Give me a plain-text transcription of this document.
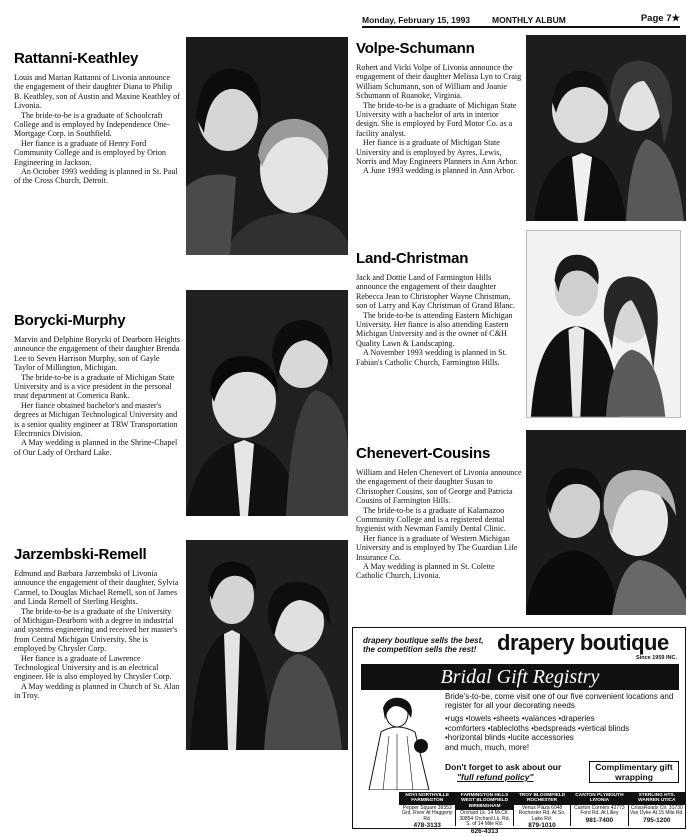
Monday, February 15, 1993	MONTHLY ALBUM	Page 7★
Rattanni-Keathley

Louis and Marian Rattanni of Livonia announce the engagement of their daughter Diana to Philip B. Keathley, son of Austin and Maxine Keathley of Livonia.

The bride-to-be is a graduate of Schoolcraft College and is employed by Independence One-Mortgage Corp. in Southfield.

Her fiance is a graduate of Henry Ford Community College and is employed by Orion Engineering in Jackson.

An October 1993 wedding is planned in St. Paul of the Cross Church, Detroit.

Volpe-Schumann

Robert and Vicki Volpe of Livonia announce the engagement of their daughter Melissa Lyn to Craig William Schumann, son of William and Joanie Schumann of Roanoke, Virginia.

The bride-to-be is a graduate of Michigan State University with a bachelor of arts in interior design. She is employed by Ford Motor Co. as a facility analyst.

Her fiance is a graduate of Michigan State University and is employed by Ayres, Lewis, Norris and May Engineers Planners in Ann Arbor.

A June 1993 wedding is planned in Ann Arbor.

Land-Christman

Jack and Dottie Land of Farmington Hills announce the engagement of their daughter Rebecca Jean to Christopher Wayne Christman, son of Larry and Kay Christman of Grand Blanc.

The bride-to-be is attending Eastern Michigan University. Her fiance is also attending Eastern Michigan University and is the owner of C&H Quality Lawn & Landscaping.

A November 1993 wedding is planned in St. Fabian's Catholic Church, Farmington Hills.

Borycki-Murphy

Marvin and Delphine Borycki of Dearborn Heights announce the engagement of their daughter Brenda Lee to Seven Harrison Murphy, son of Gayle Taylor of Millington, Michigan.

The bride-to-be is a graduate of Michigan State University and is a vice president in the personal trust department at Comerica Bank.

Her fiance obtained bachelor's and master's degrees at Michigan Technological University and is a senior quality engineer at TRW Transportation Electronics Division.

A May wedding is planned in the Shrine-Chapel of Our Lady of Orchard Lake.	Chenevert-Cousins

William and Helen Chenevert of Livonia announce the engagement of their daughter Susan to Christopher Cousins, son of George and Patricia Cousins of Farmington Hills.

The bride-to-be is a graduate of Kalamazoo Community College and is a registered dental hygienist with Newman Family Dental Clinic.

Her fiance is a graduate of Western Michigan University and is employed by The Guardian Life Insurance Co.

A May wedding is planned in St. Colette Catholic Church, Livonia.

Jarzembski-Remell

Edmund and Barbara Jarzembski of Livonia announce the engagement of their daughter, Sylvia Carmel, to Douglas Michael Remell, son of James and Linda Remell of Sterling Heights.

The bride-to-be is a graduate of the University of Michigan-Dearborn with a degree in industrial and systems engineering and received her master's from Central Michigan University. She is employed by Chrysler Corp.

Her fiance is a graduate of Lawrence Technological University and is an electrical engineer. He is also employed by Chrysler Corp.

A May wedding is planned in Church of St. Alan in Troy.

drapery boutique sells the best, the competition sells the rest! drapery boutique
Since 1959 INC.
Bridal Gift Registry
Bride's-to-be, come visit one of our five convenient locations and register for all your decorating needs
•rugs •towels •sheets •valances •draperies
•comforters •tablecloths •bedspreads •vertical blinds
•horizontal blinds •lucite accessories
and much, much, more!
Don't forget to ask about our
"full refund policy"
Complimentary gift wrapping
NOVI NORTHVILLE FARMINGTON
Pepper Square 39353 Grd. River At Haggerty Rd.
478-3133
FARMINGTON HILLS WEST BLOOMFIELD BIRMINGHAM
Orchard Lk. 14 Mi.Ctr. 30854 Orchard Lk. Rd. S. of 14 Mile Rd.
626-4313
TROY BLOOMFIELD ROCHESTER
Venus Plaza 6048 Rochester Rd. At So. Lake Rd.
879-1010
CANTON PLYMOUTH LIVONIA
Canton Corners 42773 Ford Rd. At Lilley
981-7400
STERLING HTS. WARREN UTICA
CrossRoads Ctr. 31730 Van Dyke At 15 Mile Rd.
795-1200
